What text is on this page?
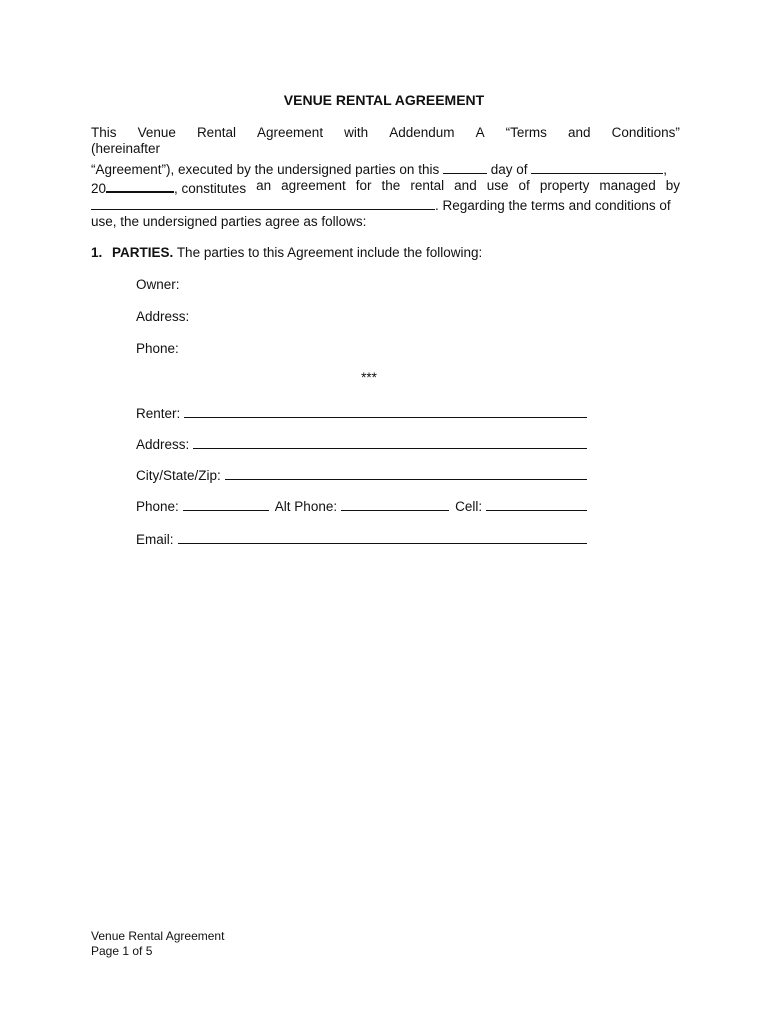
VENUE RENTAL AGREEMENT
This Venue Rental Agreement with Addendum A “Terms and Conditions”
(hereinafter
“Agreement”), executed by the undersigned parties on this	day of	,
20	, constitutes an agreement for the rental and use of property managed by
. Regarding the terms and conditions of
use, the undersigned parties agree as follows:
1. PARTIES. The parties to this Agreement include the following:
Owner:
Address:
Phone:
***
Renter:
Address:
City/State/Zip:
Phone:	Alt Phone:	Cell:
Email:
Venue Rental Agreement
Page 1 of 5
